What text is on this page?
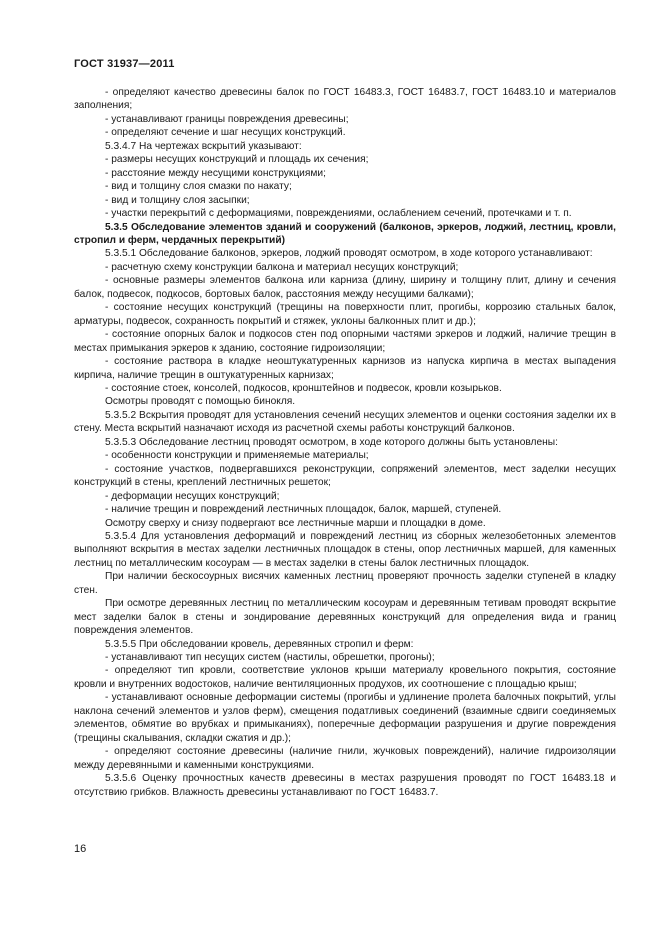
ГОСТ 31937—2011

- определяют качество древесины балок по ГОСТ 16483.3, ГОСТ 16483.7, ГОСТ 16483.10 и материалов заполнения;

- устанавливают границы повреждения древесины;

- определяют сечение и шаг несущих конструкций.

5.3.4.7 На чертежах вскрытий указывают:

- размеры несущих конструкций и площадь их сечения;

- расстояние между несущими конструкциями;

- вид и толщину слоя смазки по накату;

- вид и толщину слоя засыпки;

- участки перекрытий с деформациями, повреждениями, ослаблением сечений, протечками и т. п.

5.3.5 Обследование элементов зданий и сооружений (балконов, эркеров, лоджий, лестниц, кровли, стропил и ферм, чердачных перекрытий)

5.3.5.1 Обследование балконов, эркеров, лоджий проводят осмотром, в ходе которого устанавливают:

- расчетную схему конструкции балкона и материал несущих конструкций;

- основные размеры элементов балкона или карниза (длину, ширину и толщину плит, длину и сечения балок, подвесок, подкосов, бортовых балок, расстояния между несущими балками);

- состояние несущих конструкций (трещины на поверхности плит, прогибы, коррозию стальных балок, арматуры, подвесок, сохранность покрытий и стяжек, уклоны балконных плит и др.);

- состояние опорных балок и подкосов стен под опорными частями эркеров и лоджий, наличие трещин в местах примыкания эркеров к зданию, состояние гидроизоляции;

- состояние раствора в кладке неоштукатуренных карнизов из напуска кирпича в местах выпадения кирпича, наличие трещин в оштукатуренных карнизах;

- состояние стоек, консолей, подкосов, кронштейнов и подвесок, кровли козырьков.

Осмотры проводят с помощью бинокля.

5.3.5.2 Вскрытия проводят для установления сечений несущих элементов и оценки состояния заделки их в стену. Места вскрытий назначают исходя из расчетной схемы работы конструкций балконов.

5.3.5.3 Обследование лестниц проводят осмотром, в ходе которого должны быть установлены:

- особенности конструкции и применяемые материалы;

- состояние участков, подвергавшихся реконструкции, сопряжений элементов, мест заделки несущих конструкций в стены, креплений лестничных решеток;

- деформации несущих конструкций;

- наличие трещин и повреждений лестничных площадок, балок, маршей, ступеней.

Осмотру сверху и снизу подвергают все лестничные марши и площадки в доме.

5.3.5.4 Для установления деформаций и повреждений лестниц из сборных железобетонных элементов выполняют вскрытия в местах заделки лестничных площадок в стены, опор лестничных маршей, для каменных лестниц по металлическим косоурам — в местах заделки в стены балок лестничных площадок.

При наличии бескосоурных висячих каменных лестниц проверяют прочность заделки ступеней в кладку стен.

При осмотре деревянных лестниц по металлическим косоурам и деревянным тетивам проводят вскрытие мест заделки балок в стены и зондирование деревянных конструкций для определения вида и границ повреждения элементов.

5.3.5.5 При обследовании кровель, деревянных стропил и ферм:

- устанавливают тип несущих систем (настилы, обрешетки, прогоны);

- определяют тип кровли, соответствие уклонов крыши материалу кровельного покрытия, состояние кровли и внутренних водостоков, наличие вентиляционных продухов, их соотношение с площадью крыш;

- устанавливают основные деформации системы (прогибы и удлинение пролета балочных покрытий, углы наклона сечений элементов и узлов ферм), смещения податливых соединений (взаимные сдвиги соединяемых элементов, обмятие во врубках и примыканиях), поперечные деформации разрушения и другие повреждения (трещины скалывания, складки сжатия и др.);

- определяют состояние древесины (наличие гнили, жучковых повреждений), наличие гидроизоляции между деревянными и каменными конструкциями.

5.3.5.6 Оценку прочностных качеств древесины в местах разрушения проводят по ГОСТ 16483.18 и отсутствию грибков. Влажность древесины устанавливают по ГОСТ 16483.7.

16
